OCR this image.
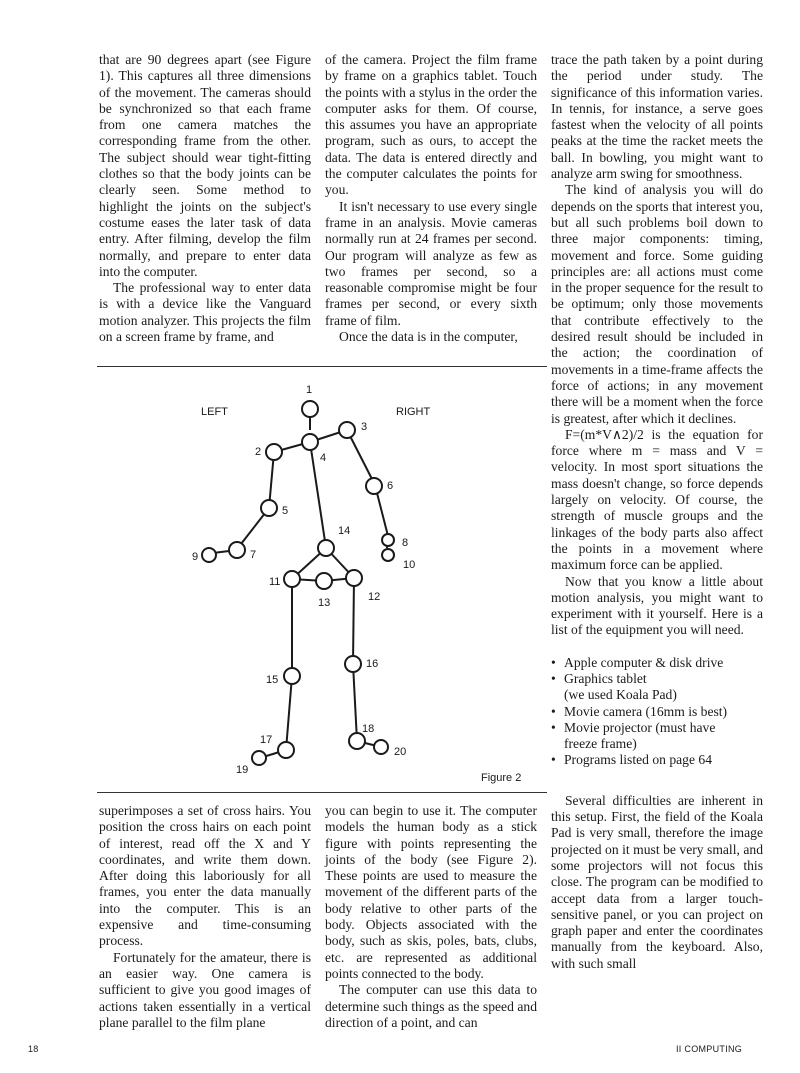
that are 90 degrees apart (see Figure 1). This captures all three dimensions of the movement. The cameras should be synchronized so that each frame from one camera matches the corresponding frame from the other. The subject should wear tight-fitting clothes so that the body joints can be clearly seen. Some method to highlight the joints on the subject's costume eases the later task of data entry. After filming, develop the film normally, and prepare to enter data into the computer.

The professional way to enter data is with a device like the Vanguard motion analyzer. This projects the film on a screen frame by frame, and

of the camera. Project the film frame by frame on a graphics tablet. Touch the points with a stylus in the order the computer asks for them. Of course, this assumes you have an appropriate program, such as ours, to accept the data. The data is entered directly and the computer calculates the points for you.

It isn't necessary to use every single frame in an analysis. Movie cameras normally run at 24 frames per second. Our program will analyze as few as two frames per second, so a reasonable compromise might be four frames per second, or every sixth frame of film.

Once the data is in the computer,

trace the path taken by a point during the period under study. The significance of this information varies. In tennis, for instance, a serve goes fastest when the velocity of all points peaks at the time the racket meets the ball. In bowling, you might want to analyze arm swing for smoothness.

The kind of analysis you will do depends on the sports that interest you, but all such problems boil down to three major components: timing, movement and force. Some guiding principles are: all actions must come in the proper sequence for the result to be optimum; only those movements that contribute effectively to the desired result should be included in the action; the coordination of movements in a time-frame affects the force of actions; in any movement there will be a moment when the force is greatest, after which it declines.

F=(m*V∧2)/2 is the equation for force where m = mass and V = velocity. In most sport situations the mass doesn't change, so force depends largely on velocity. Of course, the strength of muscle groups and the linkages of the body parts also affect the points in a movement where maximum force can be applied.

Now that you know a little about motion analysis, you might want to experiment with it yourself. Here is a list of the equipment you will need.

• Apple computer & disk drive
• Graphics tablet
(we used Koala Pad)
• Movie camera (16mm is best)
• Movie projector (must have
freeze frame)
• Programs listed on page 64

Several difficulties are inherent in this setup. First, the field of the Koala Pad is very small, therefore the image projected on it must be very small, and some projectors will not focus this close. The program can be modified to accept data from a larger touch-sensitive panel, or you can project on graph paper and enter the coordinates manually from the keyboard. Also, with such small

1
2
3
4
5
6
7
8
9
10
11
12
13
14
15
16
17
18
19
20
LEFT	RIGHT
Figure 2

superimposes a set of cross hairs. You position the cross hairs on each point of interest, read off the X and Y coordinates, and write them down. After doing this laboriously for all frames, you enter the data manually into the computer. This is an expensive and time-consuming process.

Fortunately for the amateur, there is an easier way. One camera is sufficient to give you good images of actions taken essentially in a vertical plane parallel to the film plane

you can begin to use it. The computer models the human body as a stick figure with points representing the joints of the body (see Figure 2). These points are used to measure the movement of the different parts of the body relative to other parts of the body. Objects associated with the body, such as skis, poles, bats, clubs, etc. are represented as additional points connected to the body.

The computer can use this data to determine such things as the speed and direction of a point, and can

18	II COMPUTING
